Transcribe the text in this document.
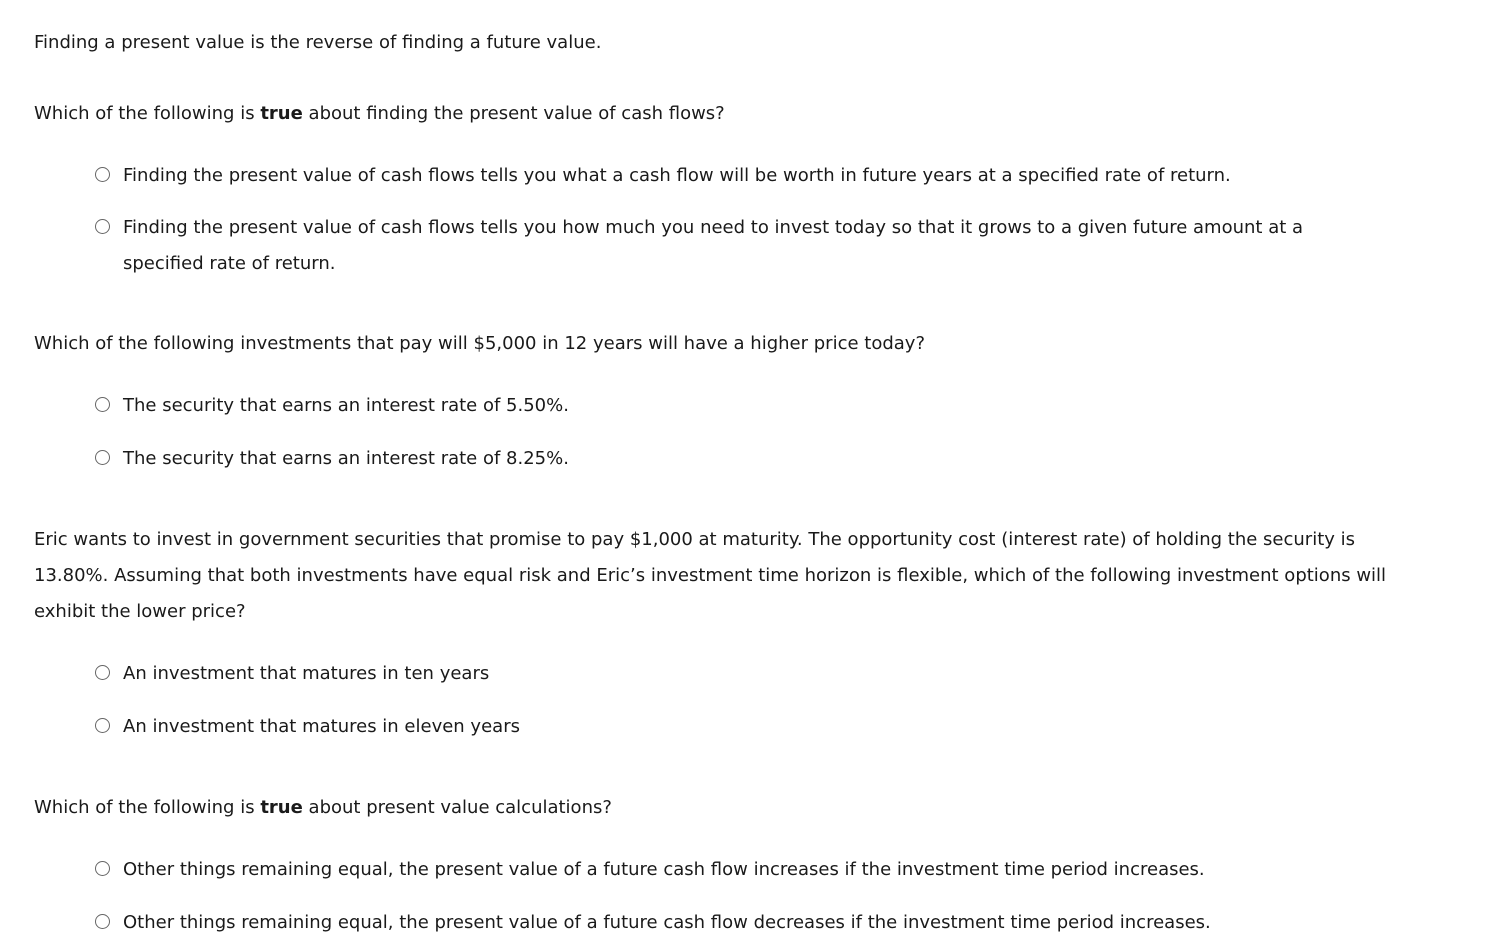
Finding a present value is the reverse of finding a future value.

Which of the following is true about finding the present value of cash flows?

Finding the present value of cash flows tells you what a cash flow will be worth in future years at a specified rate of return.
Finding the present value of cash flows tells you how much you need to invest today so that it grows to a given future amount at a specified rate of return.

Which of the following investments that pay will $5,000 in 12 years will have a higher price today?

The security that earns an interest rate of 5.50%.
The security that earns an interest rate of 8.25%.

Eric wants to invest in government securities that promise to pay $1,000 at maturity. The opportunity cost (interest rate) of holding the security is 13.80%. Assuming that both investments have equal risk and Eric’s investment time horizon is flexible, which of the following investment options will exhibit the lower price?

An investment that matures in ten years
An investment that matures in eleven years

Which of the following is true about present value calculations?

Other things remaining equal, the present value of a future cash flow increases if the investment time period increases.
Other things remaining equal, the present value of a future cash flow decreases if the investment time period increases.
